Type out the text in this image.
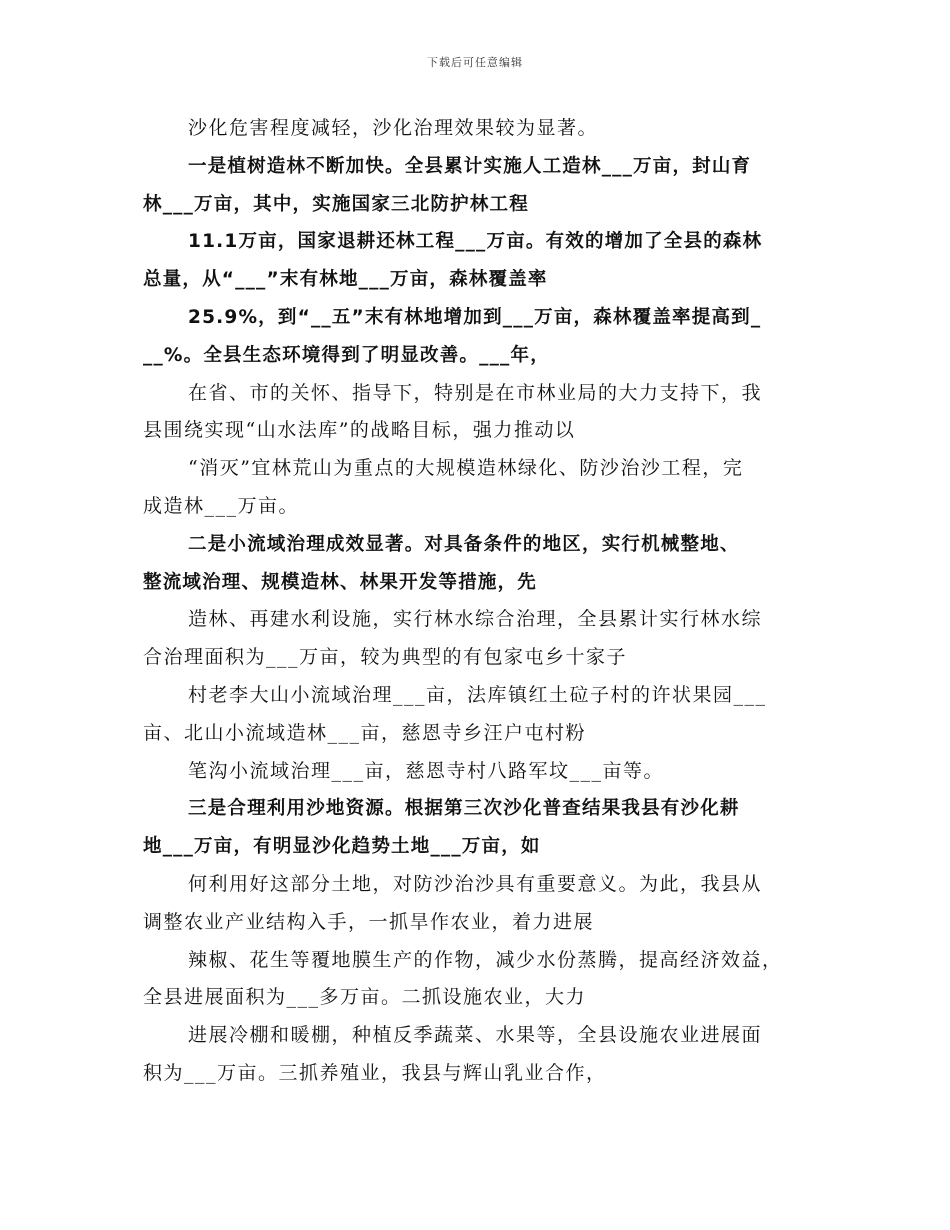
下载后可任意编辑
沙化危害程度减轻，沙化治理效果较为显著。
一是植树造林不断加快。全县累计实施人工造林___万亩，封山育
林___万亩，其中，实施国家三北防护林工程
11.1万亩，国家退耕还林工程___万亩。有效的增加了全县的森林
总量，从“___”末有林地___万亩，森林覆盖率
25.9%，到“__五”末有林地增加到___万亩，森林覆盖率提高到_
__%。全县生态环境得到了明显改善。___年，
在省、市的关怀、指导下，特别是在市林业局的大力支持下，我
县围绕实现“山水法库”的战略目标，强力推动以
“消灭”宜林荒山为重点的大规模造林绿化、防沙治沙工程，完
成造林___万亩。
二是小流域治理成效显著。对具备条件的地区，实行机械整地、
整流域治理、规模造林、林果开发等措施，先
造林、再建水利设施，实行林水综合治理，全县累计实行林水综
合治理面积为___万亩，较为典型的有包家屯乡十家子
村老李大山小流域治理___亩，法库镇红土砬子村的许状果园___
亩、北山小流域造林___亩，慈恩寺乡汪户屯村粉
笔沟小流域治理___亩，慈恩寺村八路军坟___亩等。
三是合理利用沙地资源。根据第三次沙化普查结果我县有沙化耕
地___万亩，有明显沙化趋势土地___万亩，如
何利用好这部分土地，对防沙治沙具有重要意义。为此，我县从
调整农业产业结构入手，一抓旱作农业，着力进展
辣椒、花生等覆地膜生产的作物，减少水份蒸腾，提高经济效益，
全县进展面积为___多万亩。二抓设施农业，大力
进展冷棚和暖棚，种植反季蔬菜、水果等，全县设施农业进展面
积为___万亩。三抓养殖业，我县与辉山乳业合作，
